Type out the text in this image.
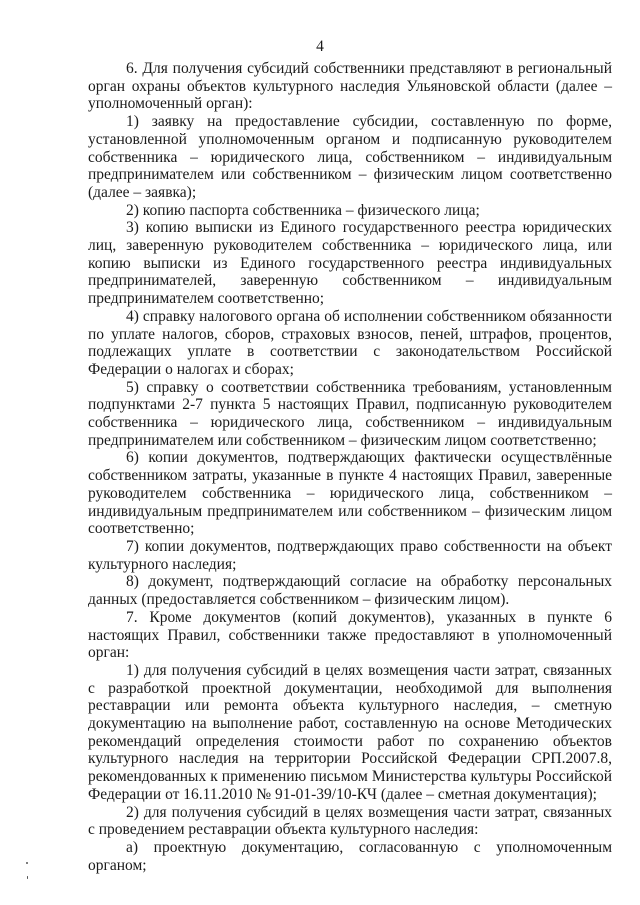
4

6. Для получения субсидий собственники представляют в региональный орган охраны объектов культурного наследия Ульяновской области (далее – уполномоченный орган):

1) заявку на предоставление субсидии, составленную по форме, установленной уполномоченным органом и подписанную руководителем собственника – юридического лица, собственником – индивидуальным предпринимателем или собственником – физическим лицом соответственно (далее – заявка);

2) копию паспорта собственника – физического лица;

3) копию выписки из Единого государственного реестра юридических лиц, заверенную руководителем собственника – юридического лица, или копию выписки из Единого государственного реестра индивидуальных предпринимателей, заверенную собственником – индивидуальным предпринимателем соответственно;

4) справку налогового органа об исполнении собственником обязанности по уплате налогов, сборов, страховых взносов, пеней, штрафов, процентов, подлежащих уплате в соответствии с законодательством Российской Федерации о налогах и сборах;

5) справку о соответствии собственника требованиям, установленным подпунктами 2-7 пункта 5 настоящих Правил, подписанную руководителем собственника – юридического лица, собственником – индивидуальным предпринимателем или собственником – физическим лицом соответственно;

6) копии документов, подтверждающих фактически осуществлённые собственником затраты, указанные в пункте 4 настоящих Правил, заверенные руководителем собственника – юридического лица, собственником – индивидуальным предпринимателем или собственником – физическим лицом соответственно;

7) копии документов, подтверждающих право собственности на объект культурного наследия;

8) документ, подтверждающий согласие на обработку персональных данных (предоставляется собственником – физическим лицом).

7. Кроме документов (копий документов), указанных в пункте 6 настоящих Правил, собственники также предоставляют в уполномоченный орган:

1) для получения субсидий в целях возмещения части затрат, связанных с разработкой проектной документации, необходимой для выполнения реставрации или ремонта объекта культурного наследия, – сметную документацию на выполнение работ, составленную на основе Методических рекомендаций определения стоимости работ по сохранению объектов культурного наследия на территории Российской Федерации СРП.2007.8, рекомендованных к применению письмом Министерства культуры Российской Федерации от 16.11.2010 № 91-01-39/10-КЧ (далее – сметная документация);

2) для получения субсидий в целях возмещения части затрат, связанных с проведением реставрации объекта культурного наследия:

а) проектную документацию, согласованную с уполномоченным органом;
